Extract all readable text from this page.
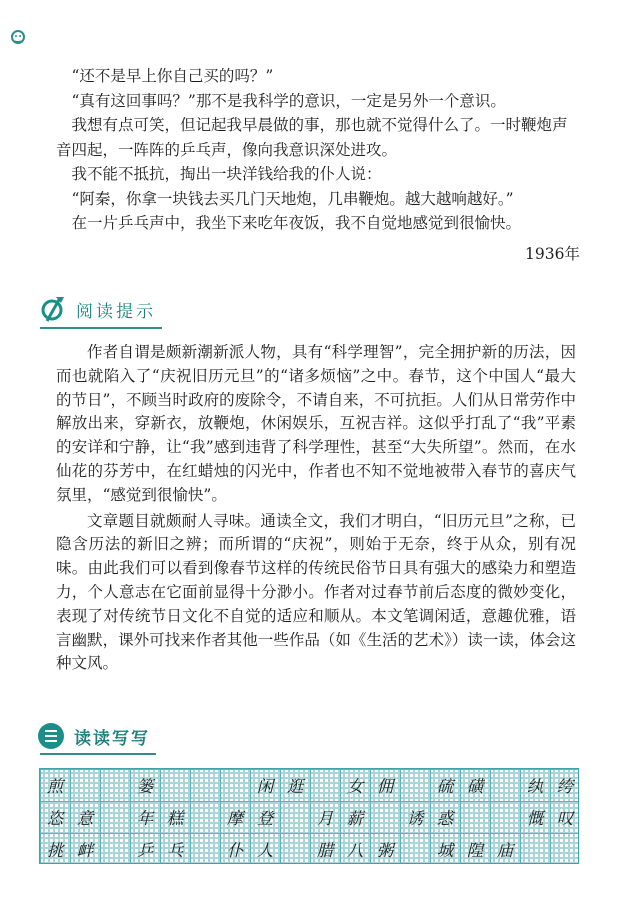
“还不是早上你自己买的吗？”

“真有这回事吗？”那不是我科学的意识，一定是另外一个意识。

我想有点可笑，但记起我早晨做的事，那也就不觉得什么了。一时鞭炮声

音四起，一阵阵的乒乓声，像向我意识深处进攻。

我不能不抵抗，掏出一块洋钱给我的仆人说：

“阿秦，你拿一块钱去买几门天地炮，几串鞭炮。越大越响越好。”

在一片乒乓声中，我坐下来吃年夜饭，我不自觉地感觉到很愉快。

1936年
阅读提示

作者自谓是颇新潮新派人物，具有“科学理智”，完全拥护新的历法，因而也就陷入了“庆祝旧历元旦”的“诸多烦恼”之中。春节，这个中国人“最大的节日”，不顾当时政府的废除令，不请自来，不可抗拒。人们从日常劳作中解放出来，穿新衣，放鞭炮，休闲娱乐，互祝吉祥。这似乎打乱了“我”平素的安详和宁静，让“我”感到违背了科学理性，甚至“大失所望”。然而，在水仙花的芬芳中，在红蜡烛的闪光中，作者也不知不觉地被带入春节的喜庆气氛里，“感觉到很愉快”。

文章题目就颇耐人寻味。通读全文，我们才明白，“旧历元旦”之称，已隐含历法的新旧之辨；而所谓的“庆祝”，则始于无奈，终于从众，别有况味。由此我们可以看到像春节这样的传统民俗节日具有强大的感染力和塑造力，个人意志在它面前显得十分渺小。作者对过春节前后态度的微妙变化，表现了对传统节日文化不自觉的适应和顺从。本文笔调闲适，意趣优雅，语言幽默，课外可找来作者其他一些作品（如《生活的艺术》）读一读，体会这种文风。

读读写写
煎	篓	闲 逛	女 佣	硫 磺	纨 绔
恣 意	年 糕	摩 登	月 薪	诱 惑	慨 叹
挑 衅	乒 乓	仆 人	腊 八 粥	城 隍 庙
